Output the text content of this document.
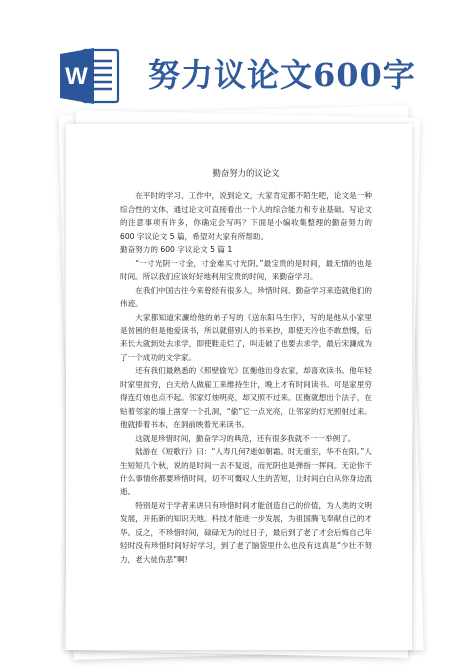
W 努力议论文600字
勤奋努力的议论文

在平时的学习、工作中，说到论文，大家肯定都不陌生吧，论文是一种综合性的文体，通过论文可直接看出一个人的综合能力和专业基础。写论文的注意事项有许多，你确定会写吗？下面是小编收集整理的勤奋努力的 600 字议论文 5 篇，希望对大家有所帮助。

勤奋努力的 600 字议论文 5 篇 1

“一寸光阴一寸金，寸金难买寸光阴。”最宝贵的是时间，最无情的也是时间。所以我们应该好好地利用宝贵的时间，来勤奋学习。

在我们中国古往今来曾经有很多人，珍惜时间、勤奋学习来造就他们的伟迹。

大家都知道宋濂给他的弟子写的《送东阳马生序》，写的是他从小家里是贫困的但是他爱读书，所以就借别人的书来抄，即使天冷也不敢怠慢，后来长大就到处去求学，即使鞋走烂了，叫走破了也要去求学，最后宋濂成为了一个成功的文学家。

还有我们最熟悉的《照壁偷光》匡衡他出身农家，却喜欢读书。他年轻时家里贫穷，白天给人做雇工来维持生计，晚上才有时间读书。可是家里穷得连灯烛也点不起。邻家灯烛明亮，却又照不过来。匡衡就想出个法子，在贴着邻家的墙上凿穿一个孔洞，“偷”它一点光亮，让邻家的灯光照射过来。他就捧着书本，在洞前映着光来读书。

这就是珍惜时间，勤奋学习的典范，还有很多我就不一一举例了。

陆游在《短歌行》曰：“人寿几何?逝如朝霜。时无重至，华不在阳。”人生短短几个秋，说的是时间一去不复返，而光阴也是弹指一挥间。无论你干什么事情你都要珍惜时间，切不可慨叹人生的苦短，让时间白白从你身边流逝。

特别是对于学者来讲只有珍惜时间才能创造自己的价值，为人类的文明发展，开拓新的知识天地。科技才能进一步发展，为祖国腾飞奉献自己的才华。反之，不珍惜时间，碌碌无为的过日子，最后到了老了才会后悔自己年轻时没有珍惜时间好好学习，到了老了脑袋里什么也没有这真是“少壮不努力，老大徒伤悲”啊!
